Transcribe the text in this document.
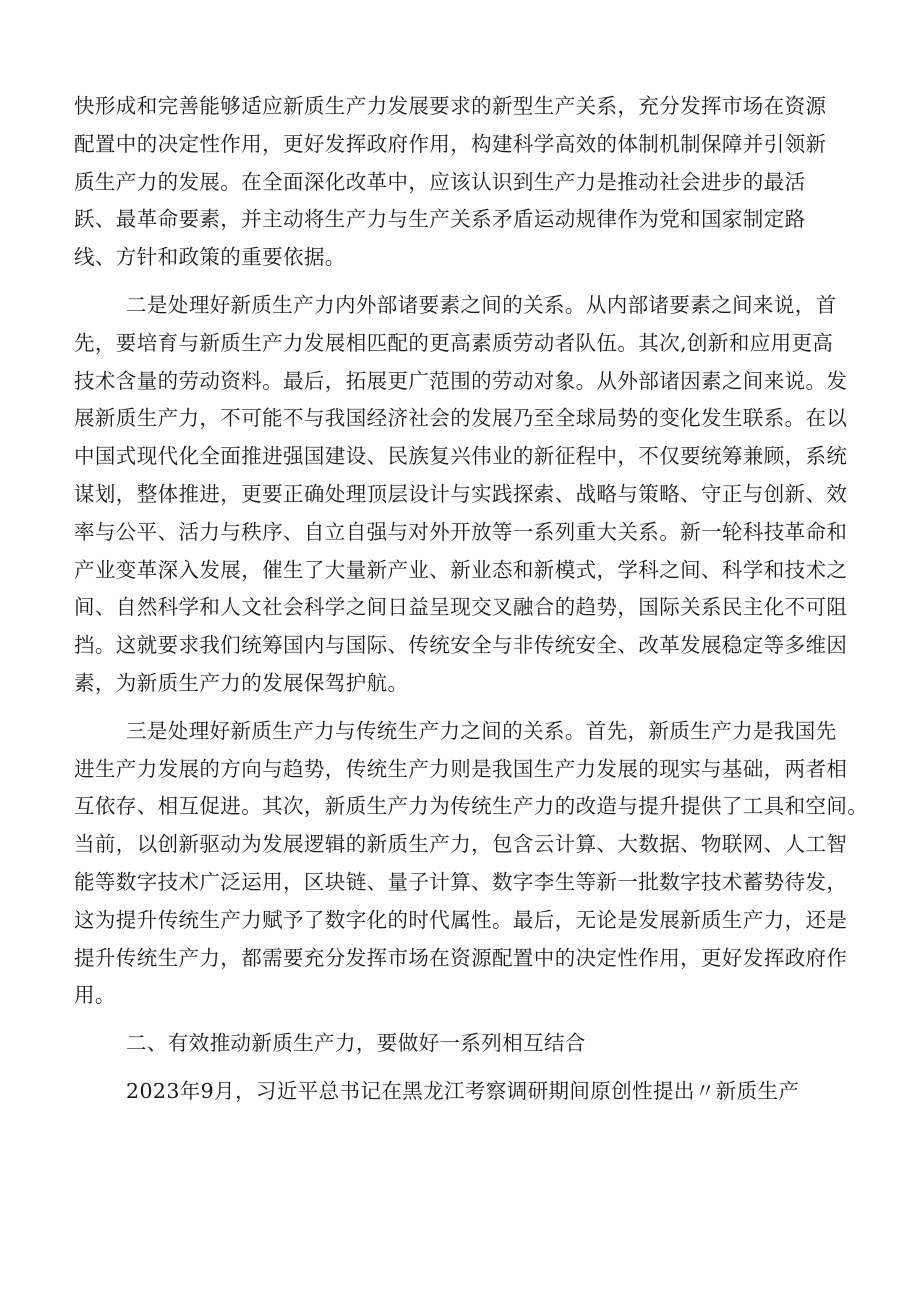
快形成和完善能够适应新质生产力发展要求的新型生产关系，充分发挥市场在资源
配置中的决定性作用，更好发挥政府作用，构建科学高效的体制机制保障并引领新
质生产力的发展。在全面深化改革中，应该认识到生产力是推动社会进步的最活
跃、最革命要素，并主动将生产力与生产关系矛盾运动规律作为党和国家制定路
线、方针和政策的重要依据。
二是处理好新质生产力内外部诸要素之间的关系。从内部诸要素之间来说，首
先，要培育与新质生产力发展相匹配的更高素质劳动者队伍。其次,创新和应用更高
技术含量的劳动资料。最后，拓展更广范围的劳动对象。从外部诸因素之间来说。发
展新质生产力，不可能不与我国经济社会的发展乃至全球局势的变化发生联系。在以
中国式现代化全面推进强国建设、民族复兴伟业的新征程中，不仅要统筹兼顾，系统
谋划，整体推进，更要正确处理顶层设计与实践探索、战略与策略、守正与创新、效
率与公平、活力与秩序、自立自强与对外开放等一系列重大关系。新一轮科技革命和
产业变革深入发展，催生了大量新产业、新业态和新模式，学科之间、科学和技术之
间、自然科学和人文社会科学之间日益呈现交叉融合的趋势，国际关系民主化不可阻
挡。这就要求我们统筹国内与国际、传统安全与非传统安全、改革发展稳定等多维因
素，为新质生产力的发展保驾护航。
三是处理好新质生产力与传统生产力之间的关系。首先，新质生产力是我国先
进生产力发展的方向与趋势，传统生产力则是我国生产力发展的现实与基础，两者相
互依存、相互促进。其次，新质生产力为传统生产力的改造与提升提供了工具和空间。
当前，以创新驱动为发展逻辑的新质生产力，包含云计算、大数据、物联网、人工智
能等数字技术广泛运用，区块链、量子计算、数字李生等新一批数字技术蓄势待发，
这为提升传统生产力赋予了数字化的时代属性。最后，无论是发展新质生产力，还是
提升传统生产力，都需要充分发挥市场在资源配置中的决定性作用，更好发挥政府作
用。
二、有效推动新质生产力，要做好一系列相互结合
2023年9月，习近平总书记在黑龙江考察调研期间原创性提出〃新质生产
